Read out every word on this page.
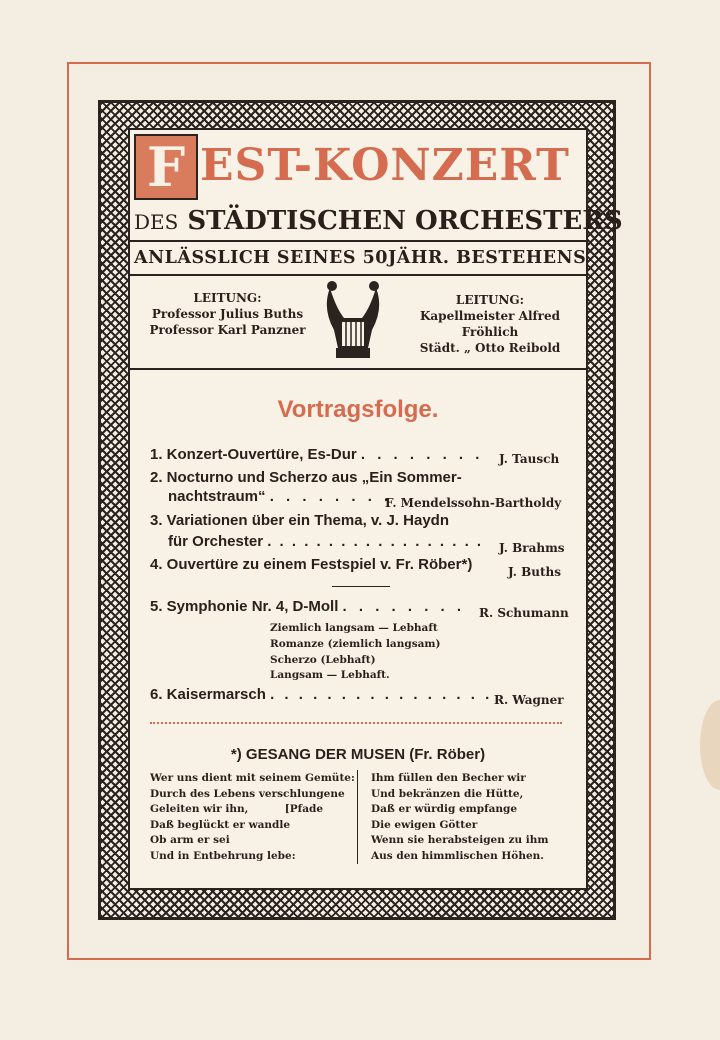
F EST-KONZERT
DES STÄDTISCHEN ORCHESTERS
ANLÄSSLICH SEINES 50JÄHR. BESTEHENS
LEITUNG:
Professor Julius Buths
Professor Karl Panzner
LEITUNG:
Kapellmeister Alfred Fröhlich
Städt. „ Otto Reibold
Vortragsfolge.
1. Konzert-Ouvertüre, Es-Dur . . . . . . . . J. Tausch
2. Nocturno und Scherzo aus „Ein Sommer-
nachtstraum“ . . . . . . . .
F. Mendelssohn-Bartholdy
3. Variationen über ein Thema, v. J. Haydn
für Orchester . . . . . . . . . . . . . . . . . . J. Brahms
4. Ouvertüre zu einem Festspiel v. Fr. Röber*)	J. Buths
5. Symphonie Nr. 4, D-Moll . . . . . . . . R. Schumann
Ziemlich langsam — Lebhaft
Romanze (ziemlich langsam)
Scherzo (Lebhaft)
Langsam — Lebhaft.
6. Kaisermarsch . . . . . . . . . . . . . . . . .
R. Wagner
*) GESANG DER MUSEN (Fr. Röber)
Wer uns dient mit seinem Gemüte:
Durch des Lebens verschlungene
Geleiten wir ihn,          [Pfade
Daß beglückt er wandle
Ob arm er sei
Und in Entbehrung lebe:
Ihm füllen den Becher wir
Und bekränzen die Hütte,
Daß er würdig empfange
Die ewigen Götter
Wenn sie herabsteigen zu ihm
Aus den himmlischen Höhen.
